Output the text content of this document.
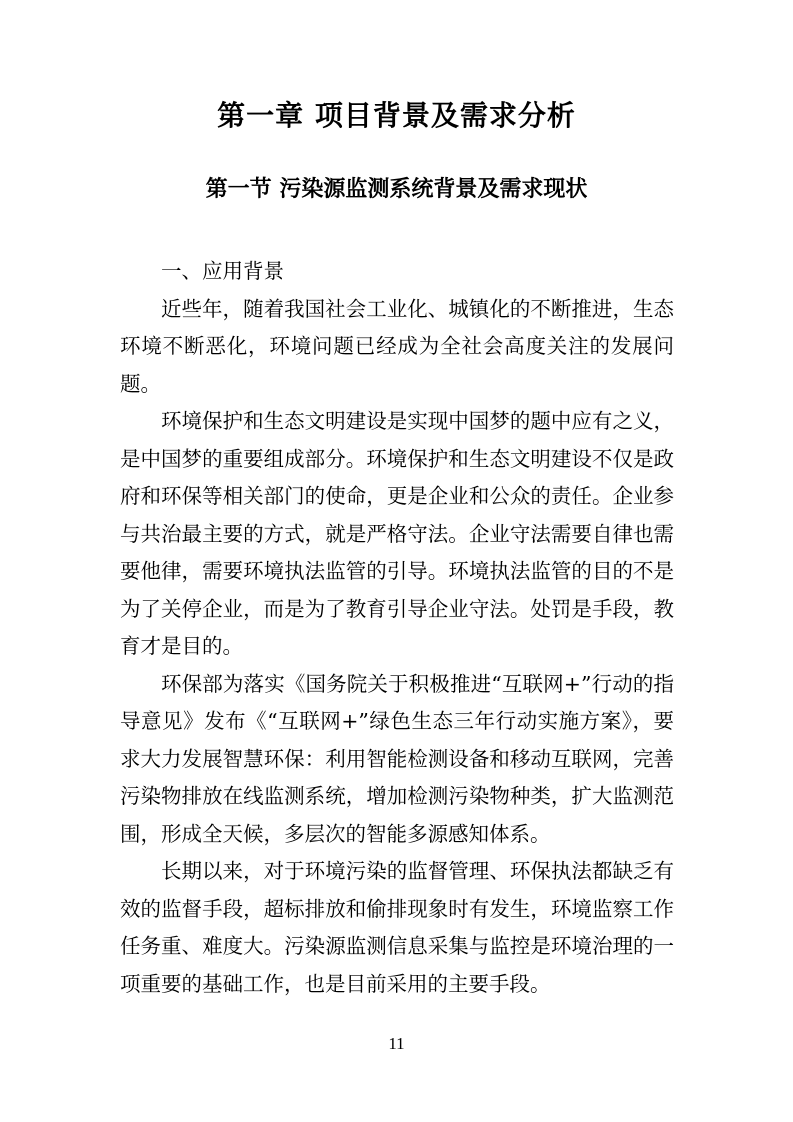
第一章 项目背景及需求分析
第一节 污染源监测系统背景及需求现状

一、应用背景

近些年，随着我国社会工业化、城镇化的不断推进，生态环境不断恶化，环境问题已经成为全社会高度关注的发展问题。

环境保护和生态文明建设是实现中国梦的题中应有之义，是中国梦的重要组成部分。环境保护和生态文明建设不仅是政府和环保等相关部门的使命，更是企业和公众的责任。企业参与共治最主要的方式，就是严格守法。企业守法需要自律也需要他律，需要环境执法监管的引导。环境执法监管的目的不是为了关停企业，而是为了教育引导企业守法。处罚是手段，教育才是目的。

环保部为落实《国务院关于积极推进“互联网+”行动的指导意见》发布《“互联网+”绿色生态三年行动实施方案》，要求大力发展智慧环保：利用智能检测设备和移动互联网，完善污染物排放在线监测系统，增加检测污染物种类，扩大监测范围，形成全天候，多层次的智能多源感知体系。

长期以来，对于环境污染的监督管理、环保执法都缺乏有效的监督手段，超标排放和偷排现象时有发生，环境监察工作任务重、难度大。污染源监测信息采集与监控是环境治理的一项重要的基础工作，也是目前采用的主要手段。

11
